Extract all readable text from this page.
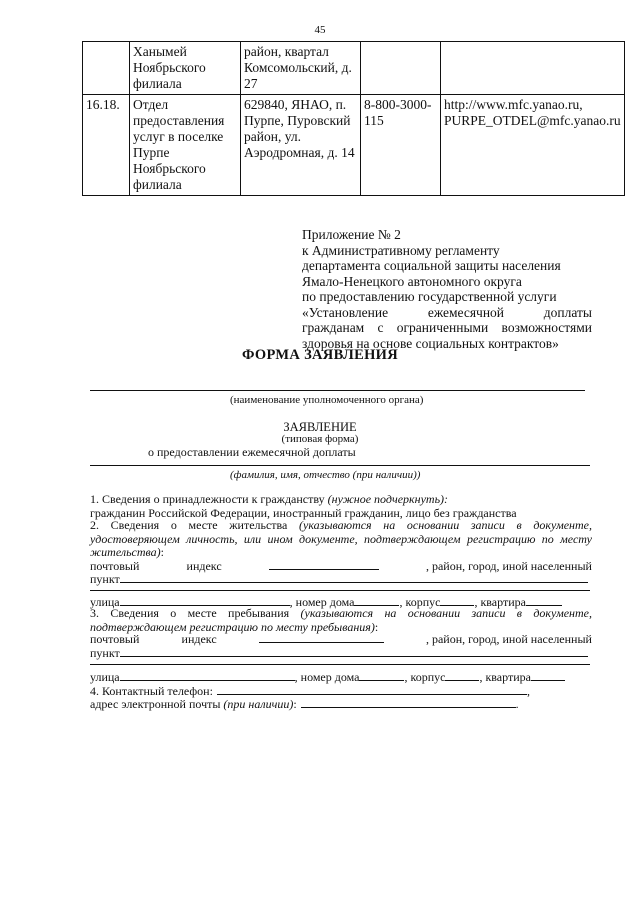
45
	Ханымей Ноябрьского филиала	район, квартал Комсомольский, д. 27		
16.18.	Отдел предоставления услуг в поселке Пурпе Ноябрьского филиала	629840, ЯНАО, п. Пурпе, Пуровский район, ул. Аэродромная, д. 14	8-800-3000-115	http://www.mfc.yanao.ru, PURPE_OTDEL@mfc.yanao.ru
Приложение № 2
к Административному регламенту
департамента социальной защиты населения
Ямало-Ненецкого автономного округа
по предоставлению государственной услуги
«Установление ежемесячной доплаты
гражданам с ограниченными возможностями
здоровья на основе социальных контрактов»
ФОРМА ЗАЯВЛЕНИЯ
(наименование уполномоченного органа)
ЗАЯВЛЕНИЕ
(типовая форма)
о предоставлении ежемесячной доплаты
(фамилия, имя, отчество (при наличии))
1. Сведения о принадлежности к гражданству (нужное подчеркнуть):
гражданин Российской Федерации, иностранный гражданин, лицо без гражданства
2. Сведения о месте жительства (указываются на основании записи в документе, удостоверяющем личность, или ином документе, подтверждающем регистрацию по месту жительства):
почтовый	индекс	, район, город, иной населенный
пункт
улица	, номер дома	, корпус	, квартира
3. Сведения о месте пребывания (указываются на основании записи в документе, подтверждающем регистрацию по месту пребывания):
почтовый	индекс	, район, город, иной населенный
пункт
улица	, номер дома	, корпус	, квартира
4. Контактный телефон:	,
адрес электронной почты (при наличии):	.
